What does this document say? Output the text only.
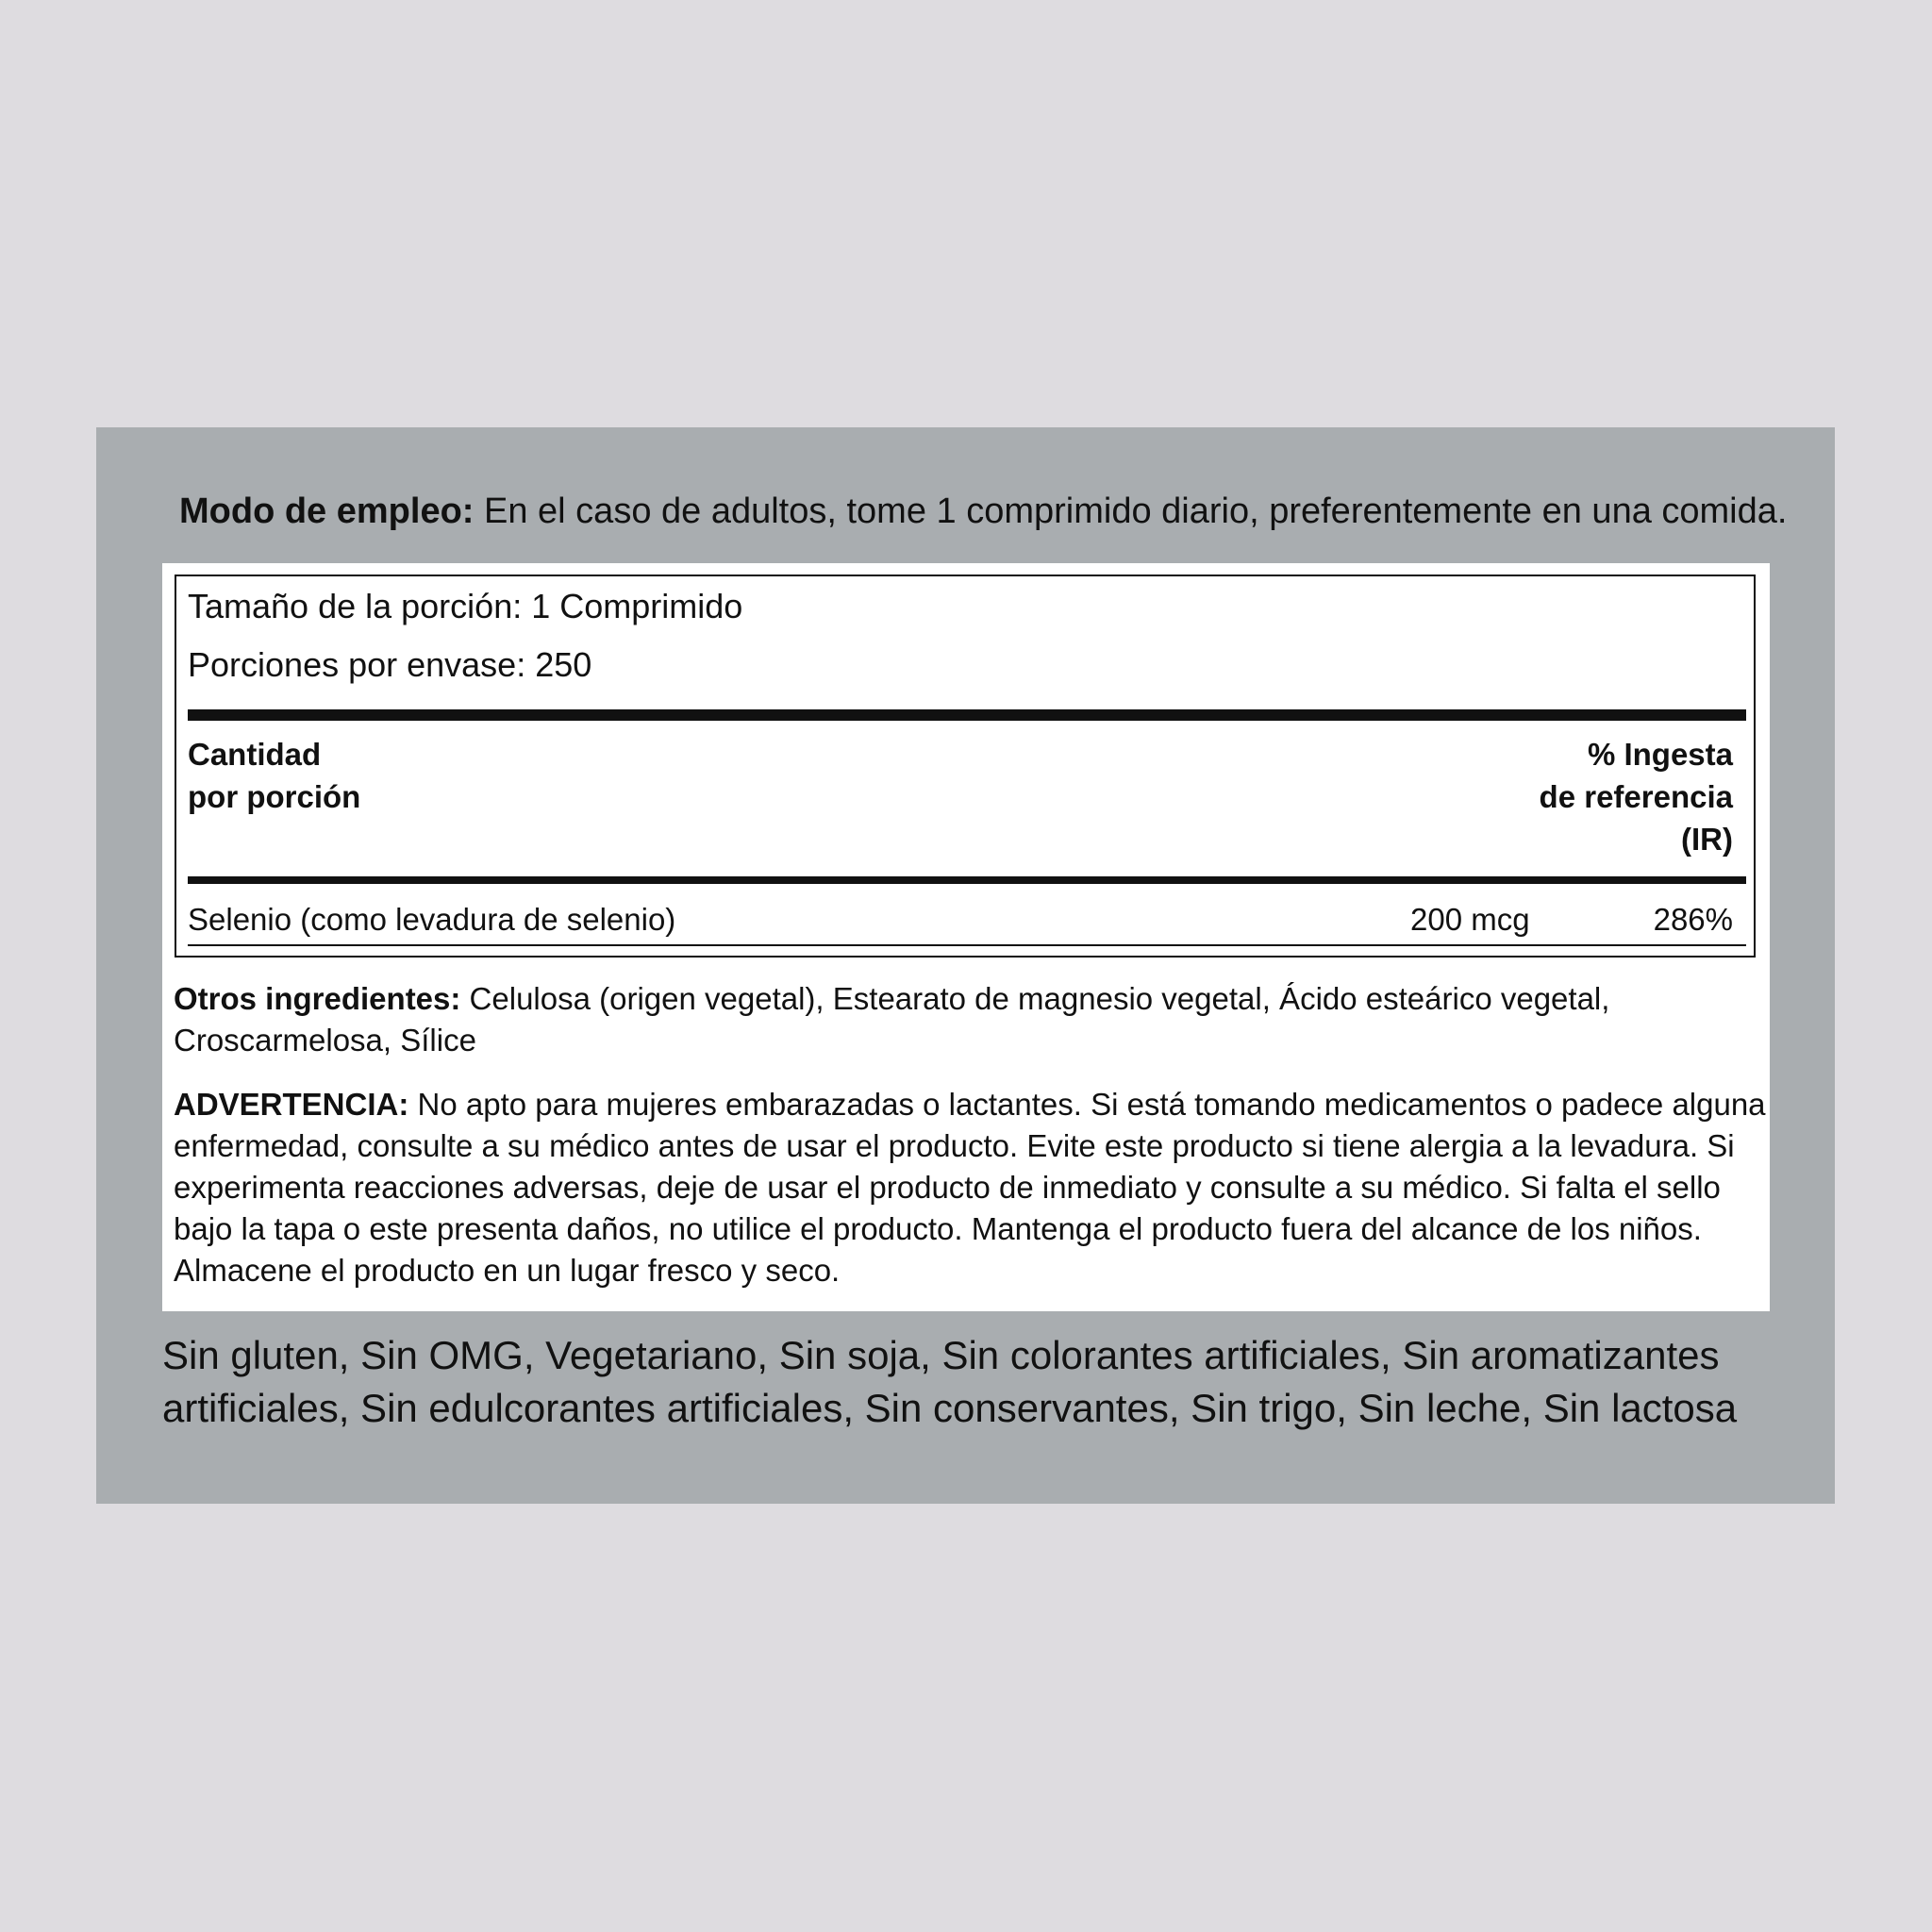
Modo de empleo: En el caso de adultos, tome 1 comprimido diario, preferentemente en una comida.
Tamaño de la porción: 1 Comprimido
Porciones por envase: 250
Cantidad
por porción
% Ingesta
de referencia
(IR)
Selenio (como levadura de selenio)	200 mcg	286%
Otros ingredientes: Celulosa (origen vegetal), Estearato de magnesio vegetal, Ácido esteárico vegetal, Croscarmelosa, Sílice
ADVERTENCIA: No apto para mujeres embarazadas o lactantes. Si está tomando medicamentos o padece alguna enfermedad, consulte a su médico antes de usar el producto. Evite este producto si tiene alergia a la levadura. Si experimenta reacciones adversas, deje de usar el producto de inmediato y consulte a su médico. Si falta el sello bajo la tapa o este presenta daños, no utilice el producto. Mantenga el producto fuera del alcance de los niños. Almacene el producto en un lugar fresco y seco.
Sin gluten, Sin OMG, Vegetariano, Sin soja, Sin colorantes artificiales, Sin aromatizantes artificiales, Sin edulcorantes artificiales, Sin conservantes, Sin trigo, Sin leche, Sin lactosa
